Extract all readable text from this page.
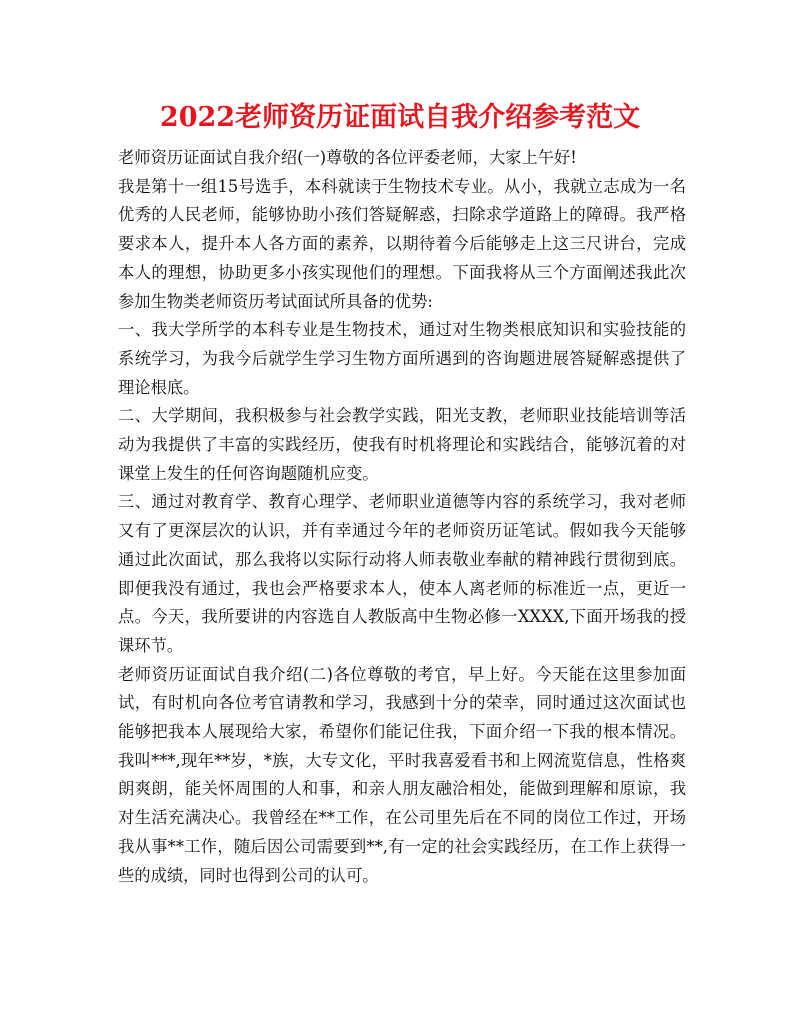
2022老师资历证面试自我介绍参考范文

老师资历证面试自我介绍(一)尊敬的各位评委老师，大家上午好!

我是第十一组15号选手，本科就读于生物技术专业。从小，我就立志成为一名优秀的人民老师，能够协助小孩们答疑解惑，扫除求学道路上的障碍。我严格要求本人，提升本人各方面的素养，以期待着今后能够走上这三尺讲台，完成本人的理想，协助更多小孩实现他们的理想。下面我将从三个方面阐述我此次参加生物类老师资历考试面试所具备的优势:

一、我大学所学的本科专业是生物技术，通过对生物类根底知识和实验技能的系统学习，为我今后就学生学习生物方面所遇到的咨询题进展答疑解惑提供了理论根底。

二、大学期间，我积极参与社会教学实践，阳光支教，老师职业技能培训等活动为我提供了丰富的实践经历，使我有时机将理论和实践结合，能够沉着的对课堂上发生的任何咨询题随机应变。

三、通过对教育学、教育心理学、老师职业道德等内容的系统学习，我对老师又有了更深层次的认识，并有幸通过今年的老师资历证笔试。假如我今天能够通过此次面试，那么我将以实际行动将人师表敬业奉献的精神践行贯彻到底。即便我没有通过，我也会严格要求本人，使本人离老师的标准近一点，更近一点。今天，我所要讲的内容选自人教版高中生物必修一XXXX,下面开场我的授课环节。

老师资历证面试自我介绍(二)各位尊敬的考官，早上好。今天能在这里参加面试，有时机向各位考官请教和学习，我感到十分的荣幸，同时通过这次面试也能够把我本人展现给大家，希望你们能记住我，下面介绍一下我的根本情况。我叫***,现年**岁，*族，大专文化，平时我喜爱看书和上网流览信息，性格爽朗爽朗，能关怀周围的人和事，和亲人朋友融洽相处，能做到理解和原谅，我对生活充满决心。我曾经在**工作，在公司里先后在不同的岗位工作过，开场我从事**工作，随后因公司需要到**,有一定的社会实践经历，在工作上获得一些的成绩，同时也得到公司的认可。
